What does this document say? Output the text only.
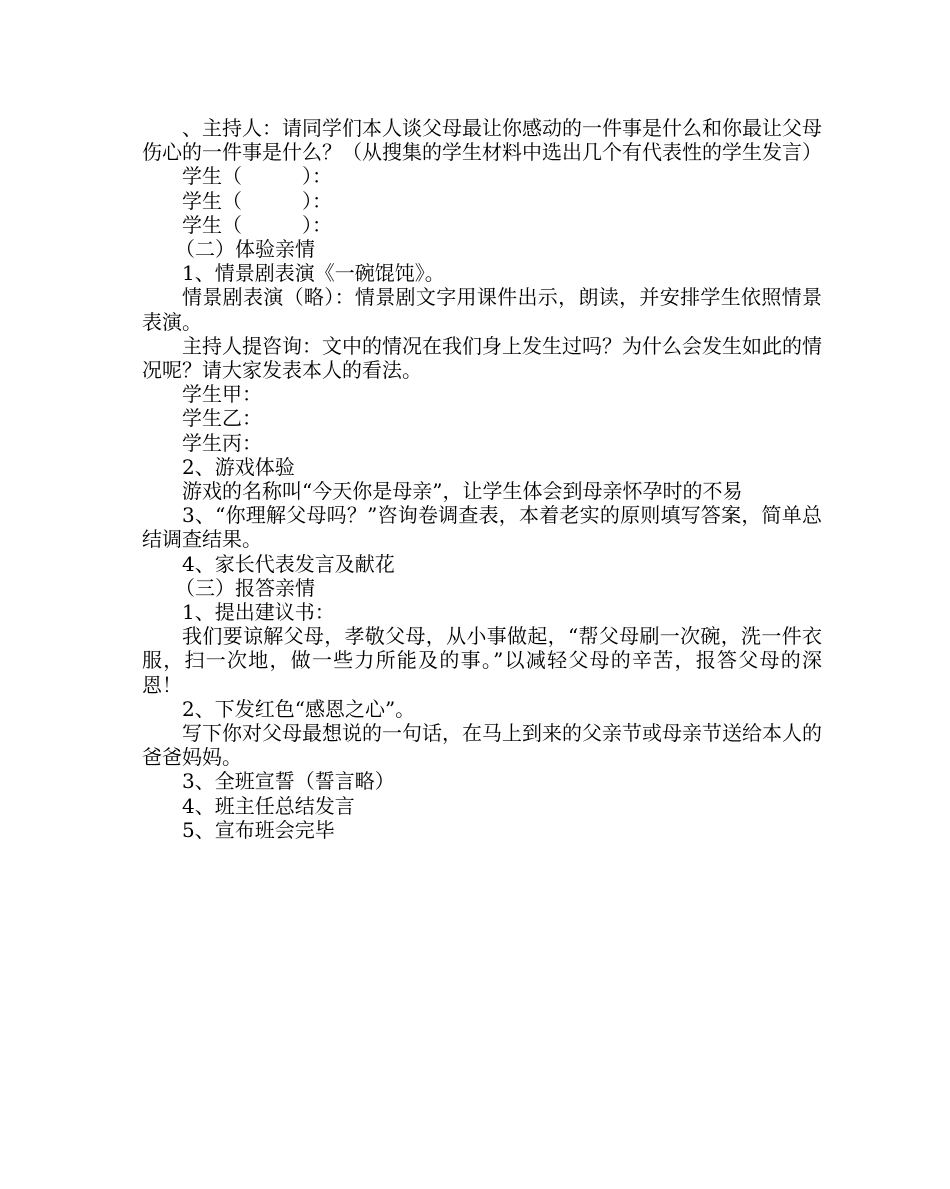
、主持人：请同学们本人谈父母最让你感动的一件事是什么和你最让父母伤心的一件事是什么？（从搜集的学生材料中选出几个有代表性的学生发言）

学生（　　　）：

学生（　　　）：

学生（　　　）：

（二）体验亲情

1、情景剧表演《一碗馄饨》。

情景剧表演（略）：情景剧文字用课件出示，朗读，并安排学生依照情景表演。

主持人提咨询：文中的情况在我们身上发生过吗？为什么会发生如此的情况呢？请大家发表本人的看法。

学生甲：

学生乙：

学生丙：

2、游戏体验

游戏的名称叫“今天你是母亲”，让学生体会到母亲怀孕时的不易

3、“你理解父母吗？”咨询卷调查表，本着老实的原则填写答案，简单总结调查结果。

4、家长代表发言及献花

（三）报答亲情

1、提出建议书：

我们要谅解父母，孝敬父母，从小事做起，“帮父母刷一次碗，洗一件衣服，扫一次地，做一些力所能及的事。”以减轻父母的辛苦，报答父母的深恩！

2、下发红色“感恩之心”。

写下你对父母最想说的一句话，在马上到来的父亲节或母亲节送给本人的爸爸妈妈。

3、全班宣誓（誓言略）

4、班主任总结发言

5、宣布班会完毕
